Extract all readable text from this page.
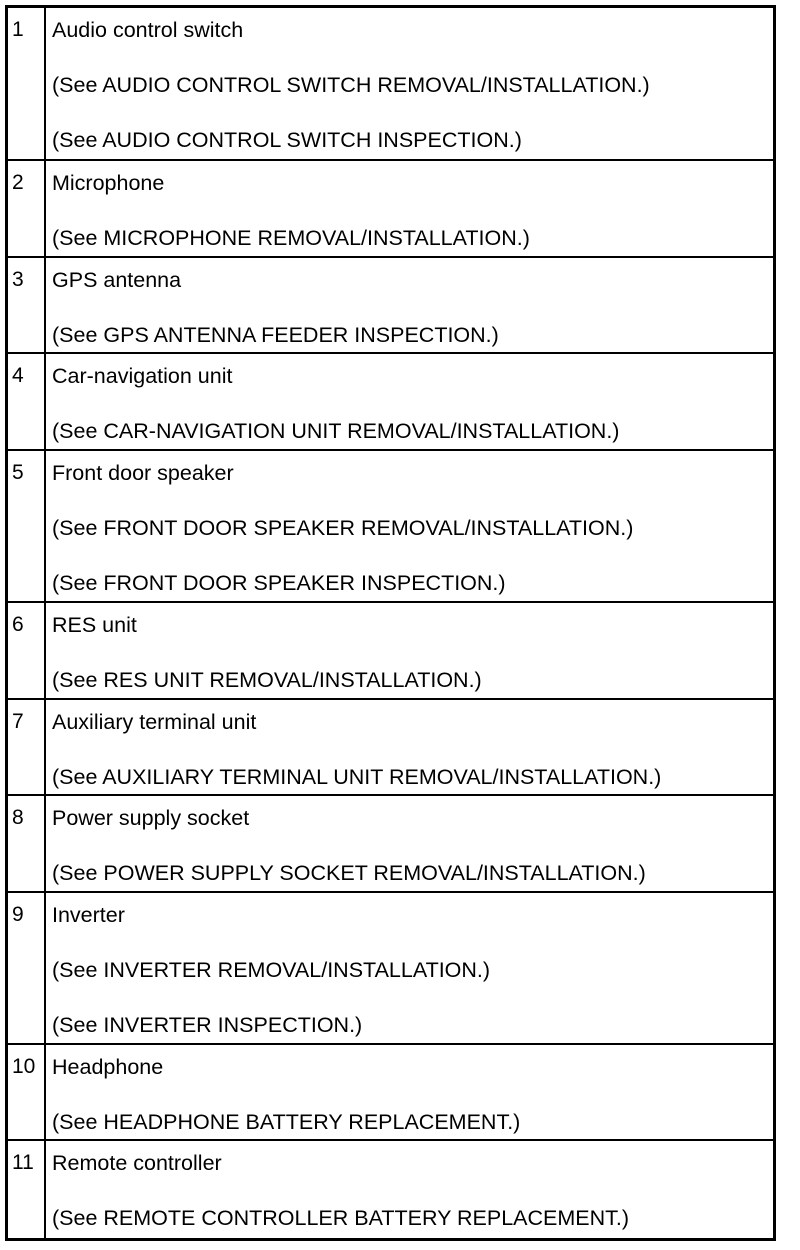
1	Audio control switch
(See AUDIO CONTROL SWITCH REMOVAL/INSTALLATION.)
(See AUDIO CONTROL SWITCH INSPECTION.)
2	Microphone
(See MICROPHONE REMOVAL/INSTALLATION.)
3	GPS antenna
(See GPS ANTENNA FEEDER INSPECTION.)
4	Car-navigation unit
(See CAR-NAVIGATION UNIT REMOVAL/INSTALLATION.)
5	Front door speaker
(See FRONT DOOR SPEAKER REMOVAL/INSTALLATION.)
(See FRONT DOOR SPEAKER INSPECTION.)
6	RES unit
(See RES UNIT REMOVAL/INSTALLATION.)
7	Auxiliary terminal unit
(See AUXILIARY TERMINAL UNIT REMOVAL/INSTALLATION.)
8	Power supply socket
(See POWER SUPPLY SOCKET REMOVAL/INSTALLATION.)
9	Inverter
(See INVERTER REMOVAL/INSTALLATION.)
(See INVERTER INSPECTION.)
10 Headphone
(See HEADPHONE BATTERY REPLACEMENT.)
11 Remote controller
(See REMOTE CONTROLLER BATTERY REPLACEMENT.)
